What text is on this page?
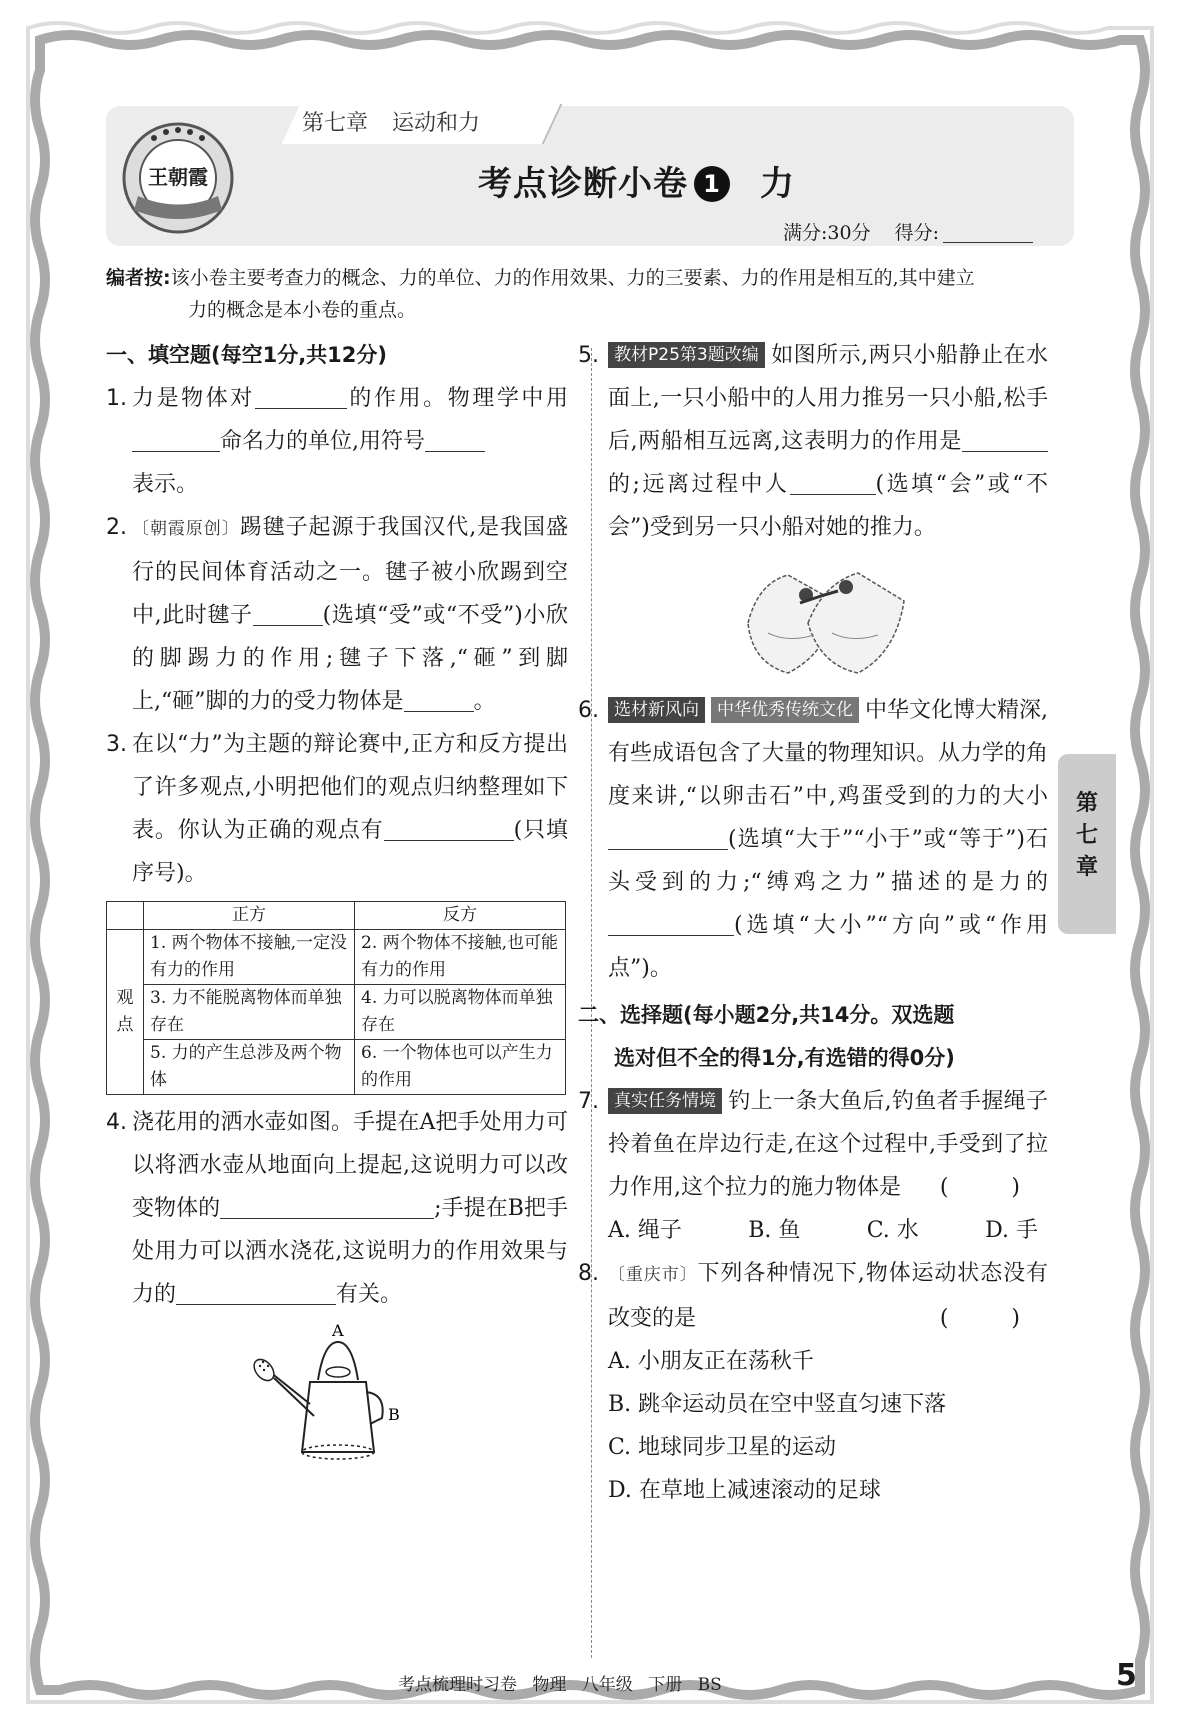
第七章 运动和力
王朝霞	考点诊断小卷 1 力
满分:30分 得分:
编者按:该小卷主要考查力的概念、力的单位、力的作用效果、力的三要素、力的作用是相互的,其中建立
力的概念是本小卷的重点。

一、填空题(每空1分,共12分)

1. 力是物体对	的作用。物理学中用命名力的单位,用符号
表示。

2. 〔朝霞原创〕踢毽子起源于我国汉代,是我国盛行的民间体育活动之一。毽子被小欣踢到空中,此时毽子	(选填“受”或“不受”)小欣的脚踢力的作用;毽子下落,“砸”到脚上,“砸”脚的力的受力物体是	。

3. 在以“力”为主题的辩论赛中,正方和反方提出了许多观点,小明把他们的观点归纳整理如下表。你认为正确的观点有	(只填序号)。

	正方	反方
观点	1. 两个物体不接触,一定没有力的作用	2. 两个物体不接触,也可能有力的作用
	3. 力不能脱离物体而单独存在	4. 力可以脱离物体而单独存在
	5. 力的产生总涉及两个物体	6. 一个物体也可以产生力的作用

4. 浇花用的洒水壶如图。手提在A把手处用力可以将洒水壶从地面向上提起,这说明力可以改变物体的	;手提在B把手处用力可以洒水浇花,这说明力的作用效果与力的	有关。

A
B

5. 教材P25第3题改编 如图所示,两只小船静止在水面上,一只小船中的人用力推另一只小船,松手后,两船相互远离,这表明力的作用是的;远离过程中人	(选填“会”或“不会”)受到另一只小船对她的推力。

6. 选材新风向 中华优秀传统文化 中华文化博大精深,有些成语包含了大量的物理知识。从力学的角度来讲,“以卵击石”中,鸡蛋受到的力的大小(选填“大于”“小于”或“等于”)石头受到的力;“缚鸡之力”描述的是力的(选填“大小”“方向”或“作用点”)。

二、选择题(每小题2分,共14分。双选题
选对但不全的得1分,有选错的得0分)

7. 真实任务情境 钓上一条大鱼后,钓鱼者手握绳子拎着鱼在岸边行走,在这个过程中,手受到了拉力作用,这个拉力的施力物体是 ( )

A. 绳子	B. 鱼	C. 水	D. 手

8. 〔重庆市〕下列各种情况下,物体运动状态没有改变的是	( )

A. 小朋友正在荡秋千
B. 跳伞运动员在空中竖直匀速下落
C. 地球同步卫星的运动
D. 在草地上减速滚动的足球
第
七
章
考点梳理时习卷 物理 八年级 下册 BS	5
